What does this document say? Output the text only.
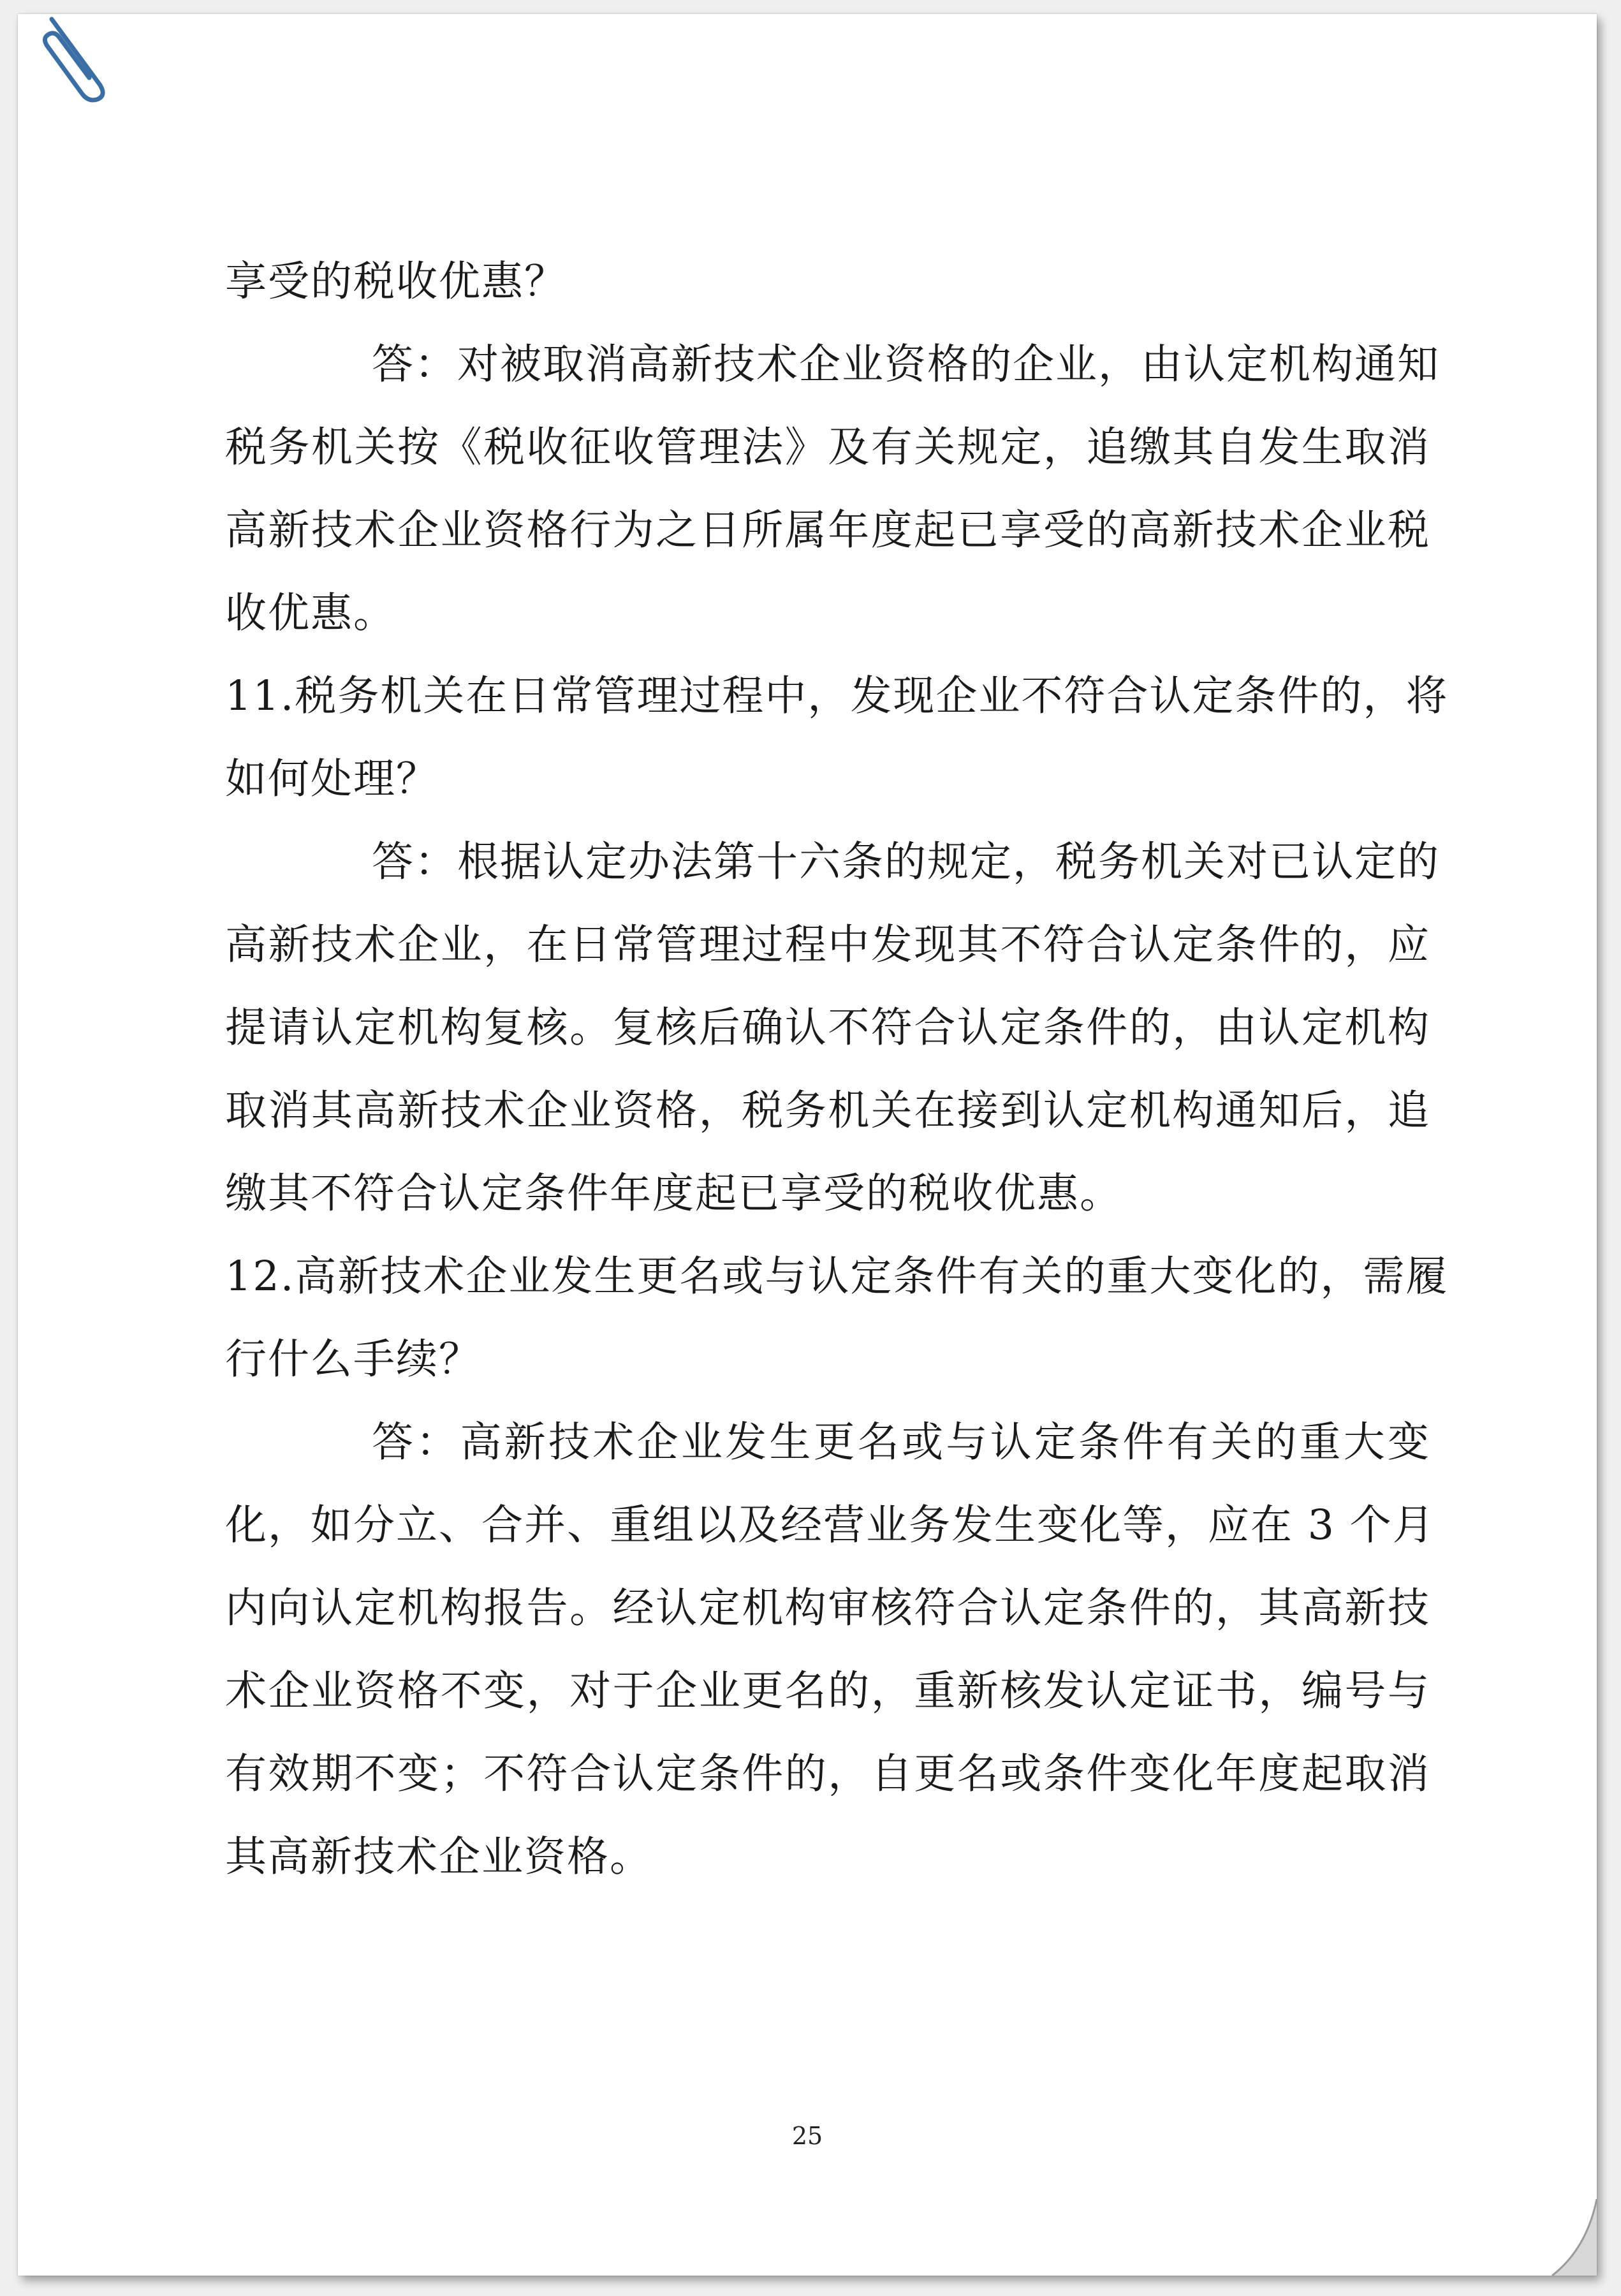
享受的税收优惠？
答：对被取消高新技术企业资格的企业，由认定机构通知
税务机关按《税收征收管理法》及有关规定，追缴其自发生取消
高新技术企业资格行为之日所属年度起已享受的高新技术企业税
收优惠。
11.税务机关在日常管理过程中，发现企业不符合认定条件的，将
如何处理？
答：根据认定办法第十六条的规定，税务机关对已认定的
高新技术企业，在日常管理过程中发现其不符合认定条件的，应
提请认定机构复核。复核后确认不符合认定条件的，由认定机构
取消其高新技术企业资格，税务机关在接到认定机构通知后，追
缴其不符合认定条件年度起已享受的税收优惠。
12.高新技术企业发生更名或与认定条件有关的重大变化的，需履
行什么手续？
答：高新技术企业发生更名或与认定条件有关的重大变
化，如分立、合并、重组以及经营业务发生变化等，应在 3 个月
内向认定机构报告。经认定机构审核符合认定条件的，其高新技
术企业资格不变，对于企业更名的，重新核发认定证书，编号与
有效期不变；不符合认定条件的，自更名或条件变化年度起取消
其高新技术企业资格。
25
